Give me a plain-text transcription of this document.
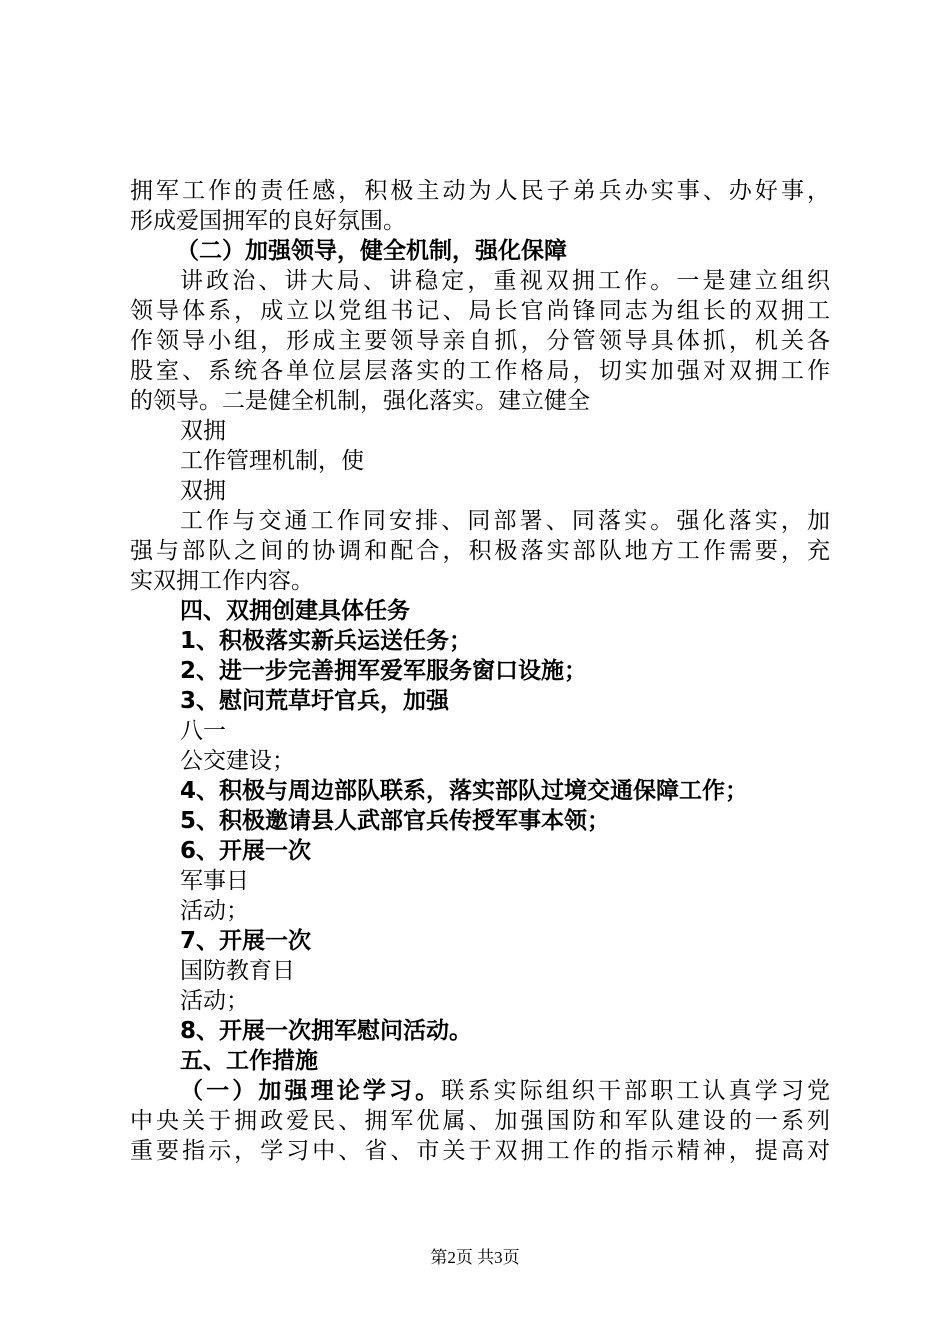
拥军工作的责任感，积极主动为人民子弟兵办实事、办好事，
形成爱国拥军的良好氛围。
（二）加强领导，健全机制，强化保障
讲政治、讲大局、讲稳定，重视双拥工作。一是建立组织
领导体系，成立以党组书记、局长官尚锋同志为组长的双拥工
作领导小组，形成主要领导亲自抓，分管领导具体抓，机关各
股室、系统各单位层层落实的工作格局，切实加强对双拥工作
的领导。二是健全机制，强化落实。建立健全
双拥
工作管理机制，使
双拥
工作与交通工作同安排、同部署、同落实。强化落实，加
强与部队之间的协调和配合，积极落实部队地方工作需要，充
实双拥工作内容。
四、双拥创建具体任务
1、积极落实新兵运送任务；
2、进一步完善拥军爱军服务窗口设施；
3、慰问荒草圩官兵，加强
八一
公交建设；
4、积极与周边部队联系，落实部队过境交通保障工作；
5、积极邀请县人武部官兵传授军事本领；
6、开展一次
军事日
活动；
7、开展一次
国防教育日
活动；
8、开展一次拥军慰问活动。
五、工作措施
（一）加强理论学习。联系实际组织干部职工认真学习党
中央关于拥政爱民、拥军优属、加强国防和军队建设的一系列
重要指示，学习中、省、市关于双拥工作的指示精神，提高对
第2页 共3页
